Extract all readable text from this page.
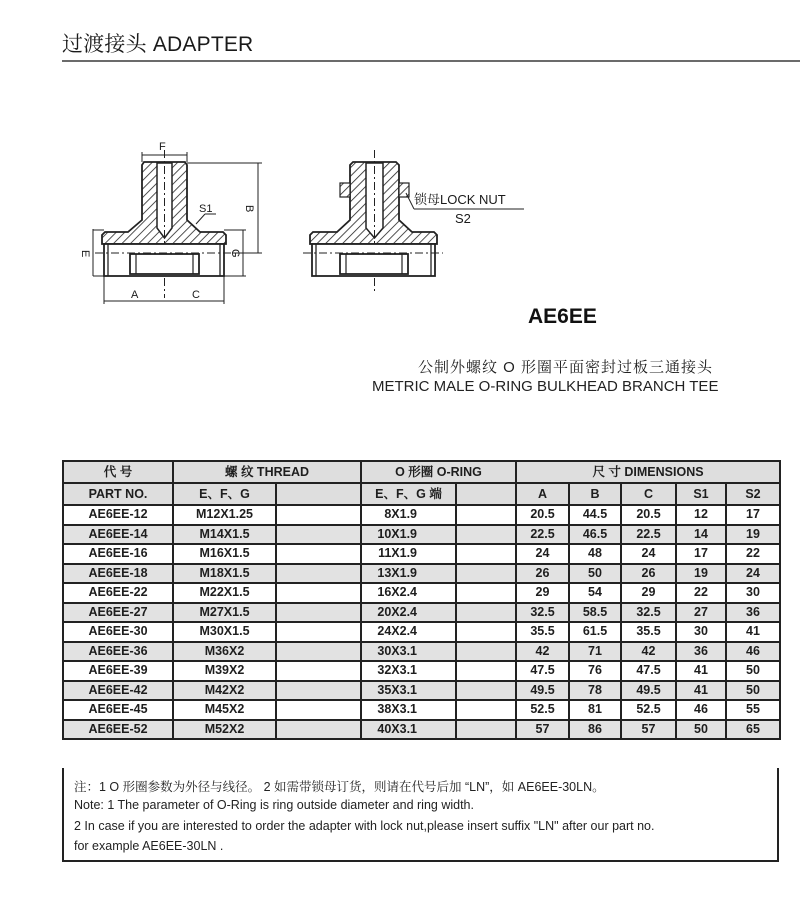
过渡接头 ADAPTER
F
S1	B
E	G
A	C
锁母LOCK NUT
S2
AE6EE
公制外螺纹 O 形圈平面密封过板三通接头
METRIC MALE O-RING BULKHEAD BRANCH TEE
代 号	螺 纹 THREAD		O 形圈 O-RING		尺 寸 DIMENSIONS				
PART NO.	E、F、G		E、F、G 端		A	B	C	S1	S2
AE6EE-12	M12X1.25		8X1.9		20.5	44.5	20.5	12	17
AE6EE-14	M14X1.5		10X1.9		22.5	46.5	22.5	14	19
AE6EE-16	M16X1.5		11X1.9		24	48	24	17	22
AE6EE-18	M18X1.5		13X1.9		26	50	26	19	24
AE6EE-22	M22X1.5		16X2.4		29	54	29	22	30
AE6EE-27	M27X1.5		20X2.4		32.5	58.5	32.5	27	36
AE6EE-30	M30X1.5		24X2.4		35.5	61.5	35.5	30	41
AE6EE-36	M36X2		30X3.1		42	71	42	36	46
AE6EE-39	M39X2		32X3.1		47.5	76	47.5	41	50
AE6EE-42	M42X2		35X3.1		49.5	78	49.5	41	50
AE6EE-45	M45X2		38X3.1		52.5	81	52.5	46	55
AE6EE-52	M52X2		40X3.1		57	86	57	50	65
注：1 O 形圈参数为外径与线径。 2 如需带锁母订货，则请在代号后加 “LN”，如 AE6EE-30LN。
Note: 1 The parameter of O-Ring is ring outside diameter and ring width.
2 In case if you are interested to order the adapter with lock nut,please insert suffix "LN" after our part no.
for example AE6EE-30LN .
